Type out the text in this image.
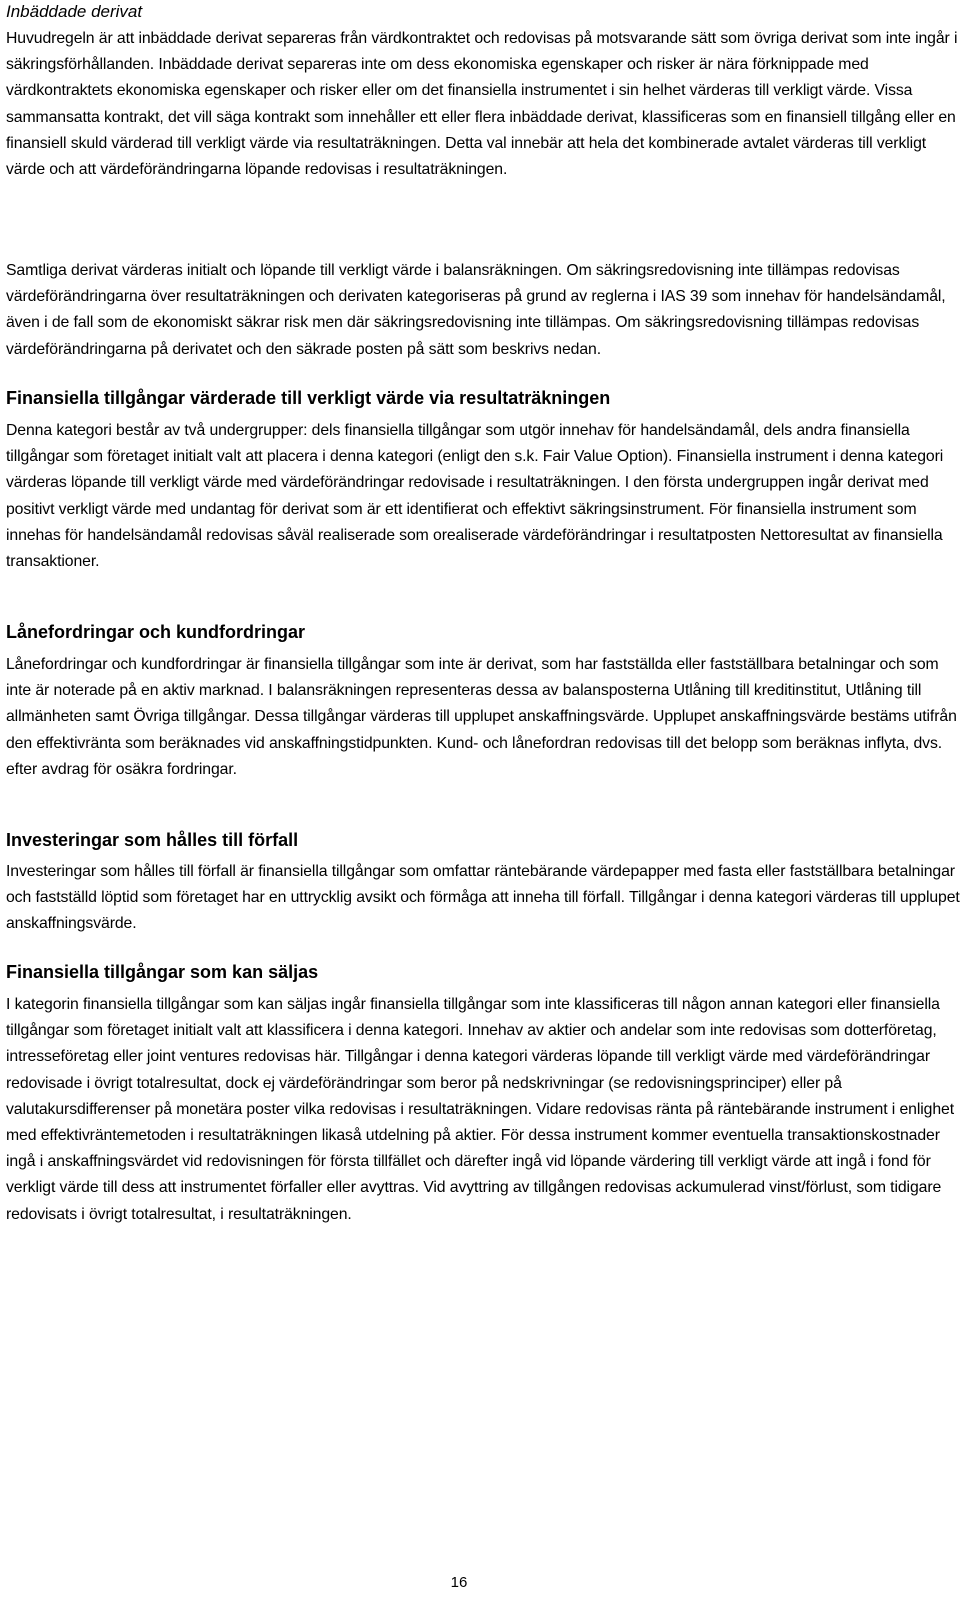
Inbäddade derivat

Huvudregeln är att inbäddade derivat separeras från värdkontraktet och redovisas på motsvarande sätt som övriga derivat som inte ingår i säkringsförhållanden. Inbäddade derivat separeras inte om dess ekonomiska egenskaper och risker är nära förknippade med värdkontraktets ekonomiska egenskaper och risker eller om det finansiella instrumentet i sin helhet värderas till verkligt värde. Vissa sammansatta kontrakt, det vill säga kontrakt som innehåller ett eller flera inbäddade derivat, klassificeras som en finansiell tillgång eller en finansiell skuld värderad till verkligt värde via resultaträkningen. Detta val innebär att hela det kombinerade avtalet värderas till verkligt värde och att värdeförändringarna löpande redovisas i resultaträkningen.

Samtliga derivat värderas initialt och löpande till verkligt värde i balansräkningen. Om säkringsredovisning inte tillämpas redovisas värdeförändringarna över resultaträkningen och derivaten kategoriseras på grund av reglerna i IAS 39 som innehav för handelsändamål, även i de fall som de ekonomiskt säkrar risk men där säkringsredovisning inte tillämpas. Om säkringsredovisning tillämpas redovisas värdeförändringarna på derivatet och den säkrade posten på sätt som beskrivs nedan.

Finansiella tillgångar värderade till verkligt värde via resultaträkningen

Denna kategori består av två undergrupper: dels finansiella tillgångar som utgör innehav för handelsändamål, dels andra finansiella tillgångar som företaget initialt valt att placera i denna kategori (enligt den s.k. Fair Value Option). Finansiella instrument i denna kategori värderas löpande till verkligt värde med värdeförändringar redovisade i resultaträkningen. I den första undergruppen ingår derivat med positivt verkligt värde med undantag för derivat som är ett identifierat och effektivt säkringsinstrument. För finansiella instrument som innehas för handelsändamål redovisas såväl realiserade som orealiserade värdeförändringar i resultatposten Nettoresultat av finansiella transaktioner.

Lånefordringar och kundfordringar

Lånefordringar och kundfordringar är finansiella tillgångar som inte är derivat, som har fastställda eller fastställbara betalningar och som inte är noterade på en aktiv marknad. I balansräkningen representeras dessa av balansposterna Utlåning till kreditinstitut, Utlåning till allmänheten samt Övriga tillgångar. Dessa tillgångar värderas till upplupet anskaffningsvärde. Upplupet anskaffningsvärde bestäms utifrån den effektivränta som beräknades vid anskaffningstidpunkten. Kund- och lånefordran redovisas till det belopp som beräknas inflyta, dvs. efter avdrag för osäkra fordringar.

Investeringar som hålles till förfall

Investeringar som hålles till förfall är finansiella tillgångar som omfattar räntebärande värdepapper med fasta eller fastställbara betalningar och fastställd löptid som företaget har en uttrycklig avsikt och förmåga att inneha till förfall. Tillgångar i denna kategori värderas till upplupet anskaffningsvärde.

Finansiella tillgångar som kan säljas

I kategorin finansiella tillgångar som kan säljas ingår finansiella tillgångar som inte klassificeras till någon annan kategori eller finansiella tillgångar som företaget initialt valt att klassificera i denna kategori. Innehav av aktier och andelar som inte redovisas som dotterföretag, intresseföretag eller joint ventures redovisas här. Tillgångar i denna kategori värderas löpande till verkligt värde med värdeförändringar redovisade i övrigt totalresultat, dock ej värdeförändringar som beror på nedskrivningar (se redovisningsprinciper) eller på valutakursdifferenser på monetära poster vilka redovisas i resultaträkningen. Vidare redovisas ränta på räntebärande instrument i enlighet med effektivräntemetoden i resultaträkningen likaså utdelning på aktier. För dessa instrument kommer eventuella transaktionskostnader ingå i anskaffningsvärdet vid redovisningen för första tillfället och därefter ingå vid löpande värdering till verkligt värde att ingå i fond för verkligt värde till dess att instrumentet förfaller eller avyttras. Vid avyttring av tillgången redovisas ackumulerad vinst/förlust, som tidigare redovisats i övrigt totalresultat, i resultaträkningen.

16
